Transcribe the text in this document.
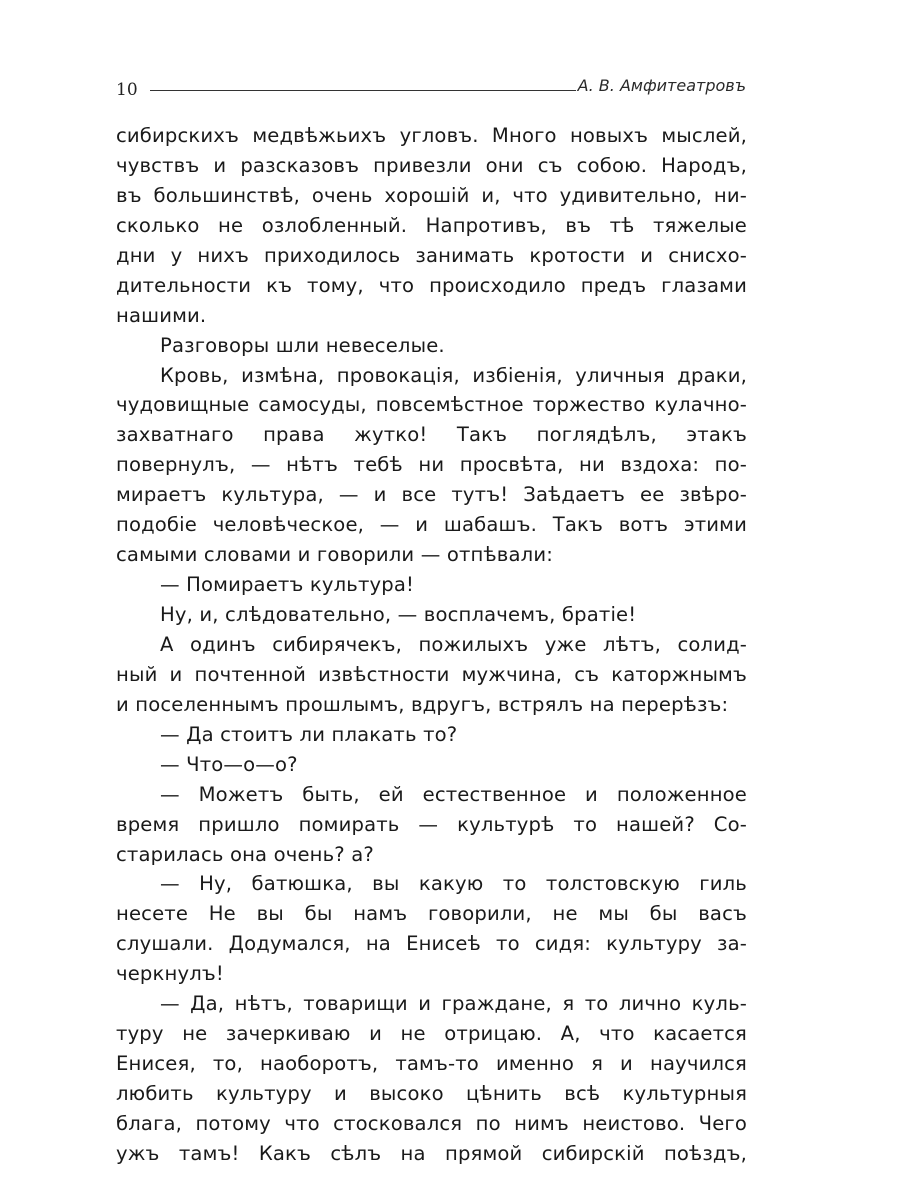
10	А. В. Амфитеатровъ
сибирскихъ медвѣжьихъ угловъ. Много новыхъ мыслей,
чувствъ и разсказовъ привезли они съ собою. Народъ,
въ большинствѣ, очень хорошій и, что удивительно, ни-
сколько не озлобленный. Напротивъ, въ тѣ тяжелые
дни у нихъ приходилось занимать кротости и снисхо-
дительности къ тому, что происходило предъ глазами
нашими.
Разговоры шли невеселые.
Кровь, измѣна, провокація, избіенія, уличныя драки,
чудовищные самосуды, повсемѣстное торжество кулачно-
захватнаго права жутко! Такъ поглядѣлъ, этакъ
повернулъ, — нѣтъ тебѣ ни просвѣта, ни вздоха: по-
мираетъ культура, — и все тутъ! Заѣдаетъ ее звѣро-
подобіе человѣческое, — и шабашъ. Такъ вотъ этими
самыми словами и говорили — отпѣвали:
— Помираетъ культура!
Ну, и, слѣдовательно, — восплачемъ, братіе!
А одинъ сибирячекъ, пожилыхъ уже лѣтъ, солид-
ный и почтенной извѣстности мужчина, съ каторжнымъ
и поселеннымъ прошлымъ, вдругъ, встрялъ на перерѣзъ:
— Да стоитъ ли плакать то?
— Что—о—о?
— Можетъ быть, ей естественное и положенное
время пришло помирать — культурѣ то нашей? Со-
старилась она очень? а?
— Ну, батюшка, вы какую то толстовскую гиль
несете Не вы бы намъ говорили, не мы бы васъ
слушали. Додумался, на Енисеѣ то сидя: культуру за-
черкнулъ!
— Да, нѣтъ, товарищи и граждане, я то лично куль-
туру не зачеркиваю и не отрицаю. А, что касается
Енисея, то, наоборотъ, тамъ-то именно я и научился
любить культуру и высоко цѣнить всѣ культурныя
блага, потому что стосковался по нимъ неистово. Чего
ужъ тамъ! Какъ сѣлъ на прямой сибирскій поѣздъ,
